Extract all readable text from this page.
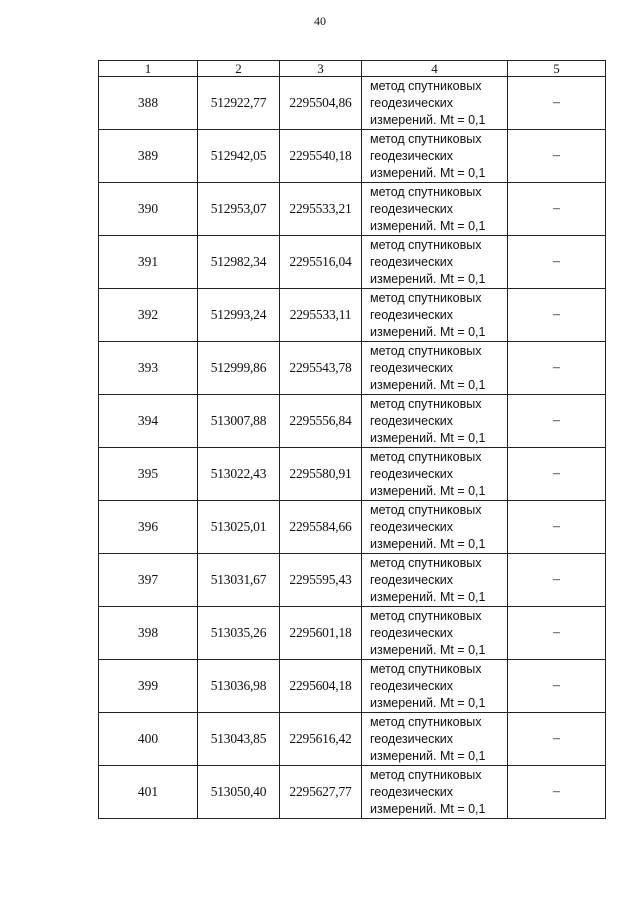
40
1	2	3	4	5
388	512922,77	2295504,86	метод спутниковых
геодезических
измерений. Mt = 0,1	–
389	512942,05	2295540,18	метод спутниковых
геодезических
измерений. Mt = 0,1	–
390	512953,07	2295533,21	метод спутниковых
геодезических
измерений. Mt = 0,1	–
391	512982,34	2295516,04	метод спутниковых
геодезических
измерений. Mt = 0,1	–
392	512993,24	2295533,11	метод спутниковых
геодезических
измерений. Mt = 0,1	–
393	512999,86	2295543,78	метод спутниковых
геодезических
измерений. Mt = 0,1	–
394	513007,88	2295556,84	метод спутниковых
геодезических
измерений. Mt = 0,1	–
395	513022,43	2295580,91	метод спутниковых
геодезических
измерений. Mt = 0,1	–
396	513025,01	2295584,66	метод спутниковых
геодезических
измерений. Mt = 0,1	–
397	513031,67	2295595,43	метод спутниковых
геодезических
измерений. Mt = 0,1	–
398	513035,26	2295601,18	метод спутниковых
геодезических
измерений. Mt = 0,1	–
399	513036,98	2295604,18	метод спутниковых
геодезических
измерений. Mt = 0,1	–
400	513043,85	2295616,42	метод спутниковых
геодезических
измерений. Mt = 0,1	–
401	513050,40	2295627,77	метод спутниковых
геодезических
измерений. Mt = 0,1	–
